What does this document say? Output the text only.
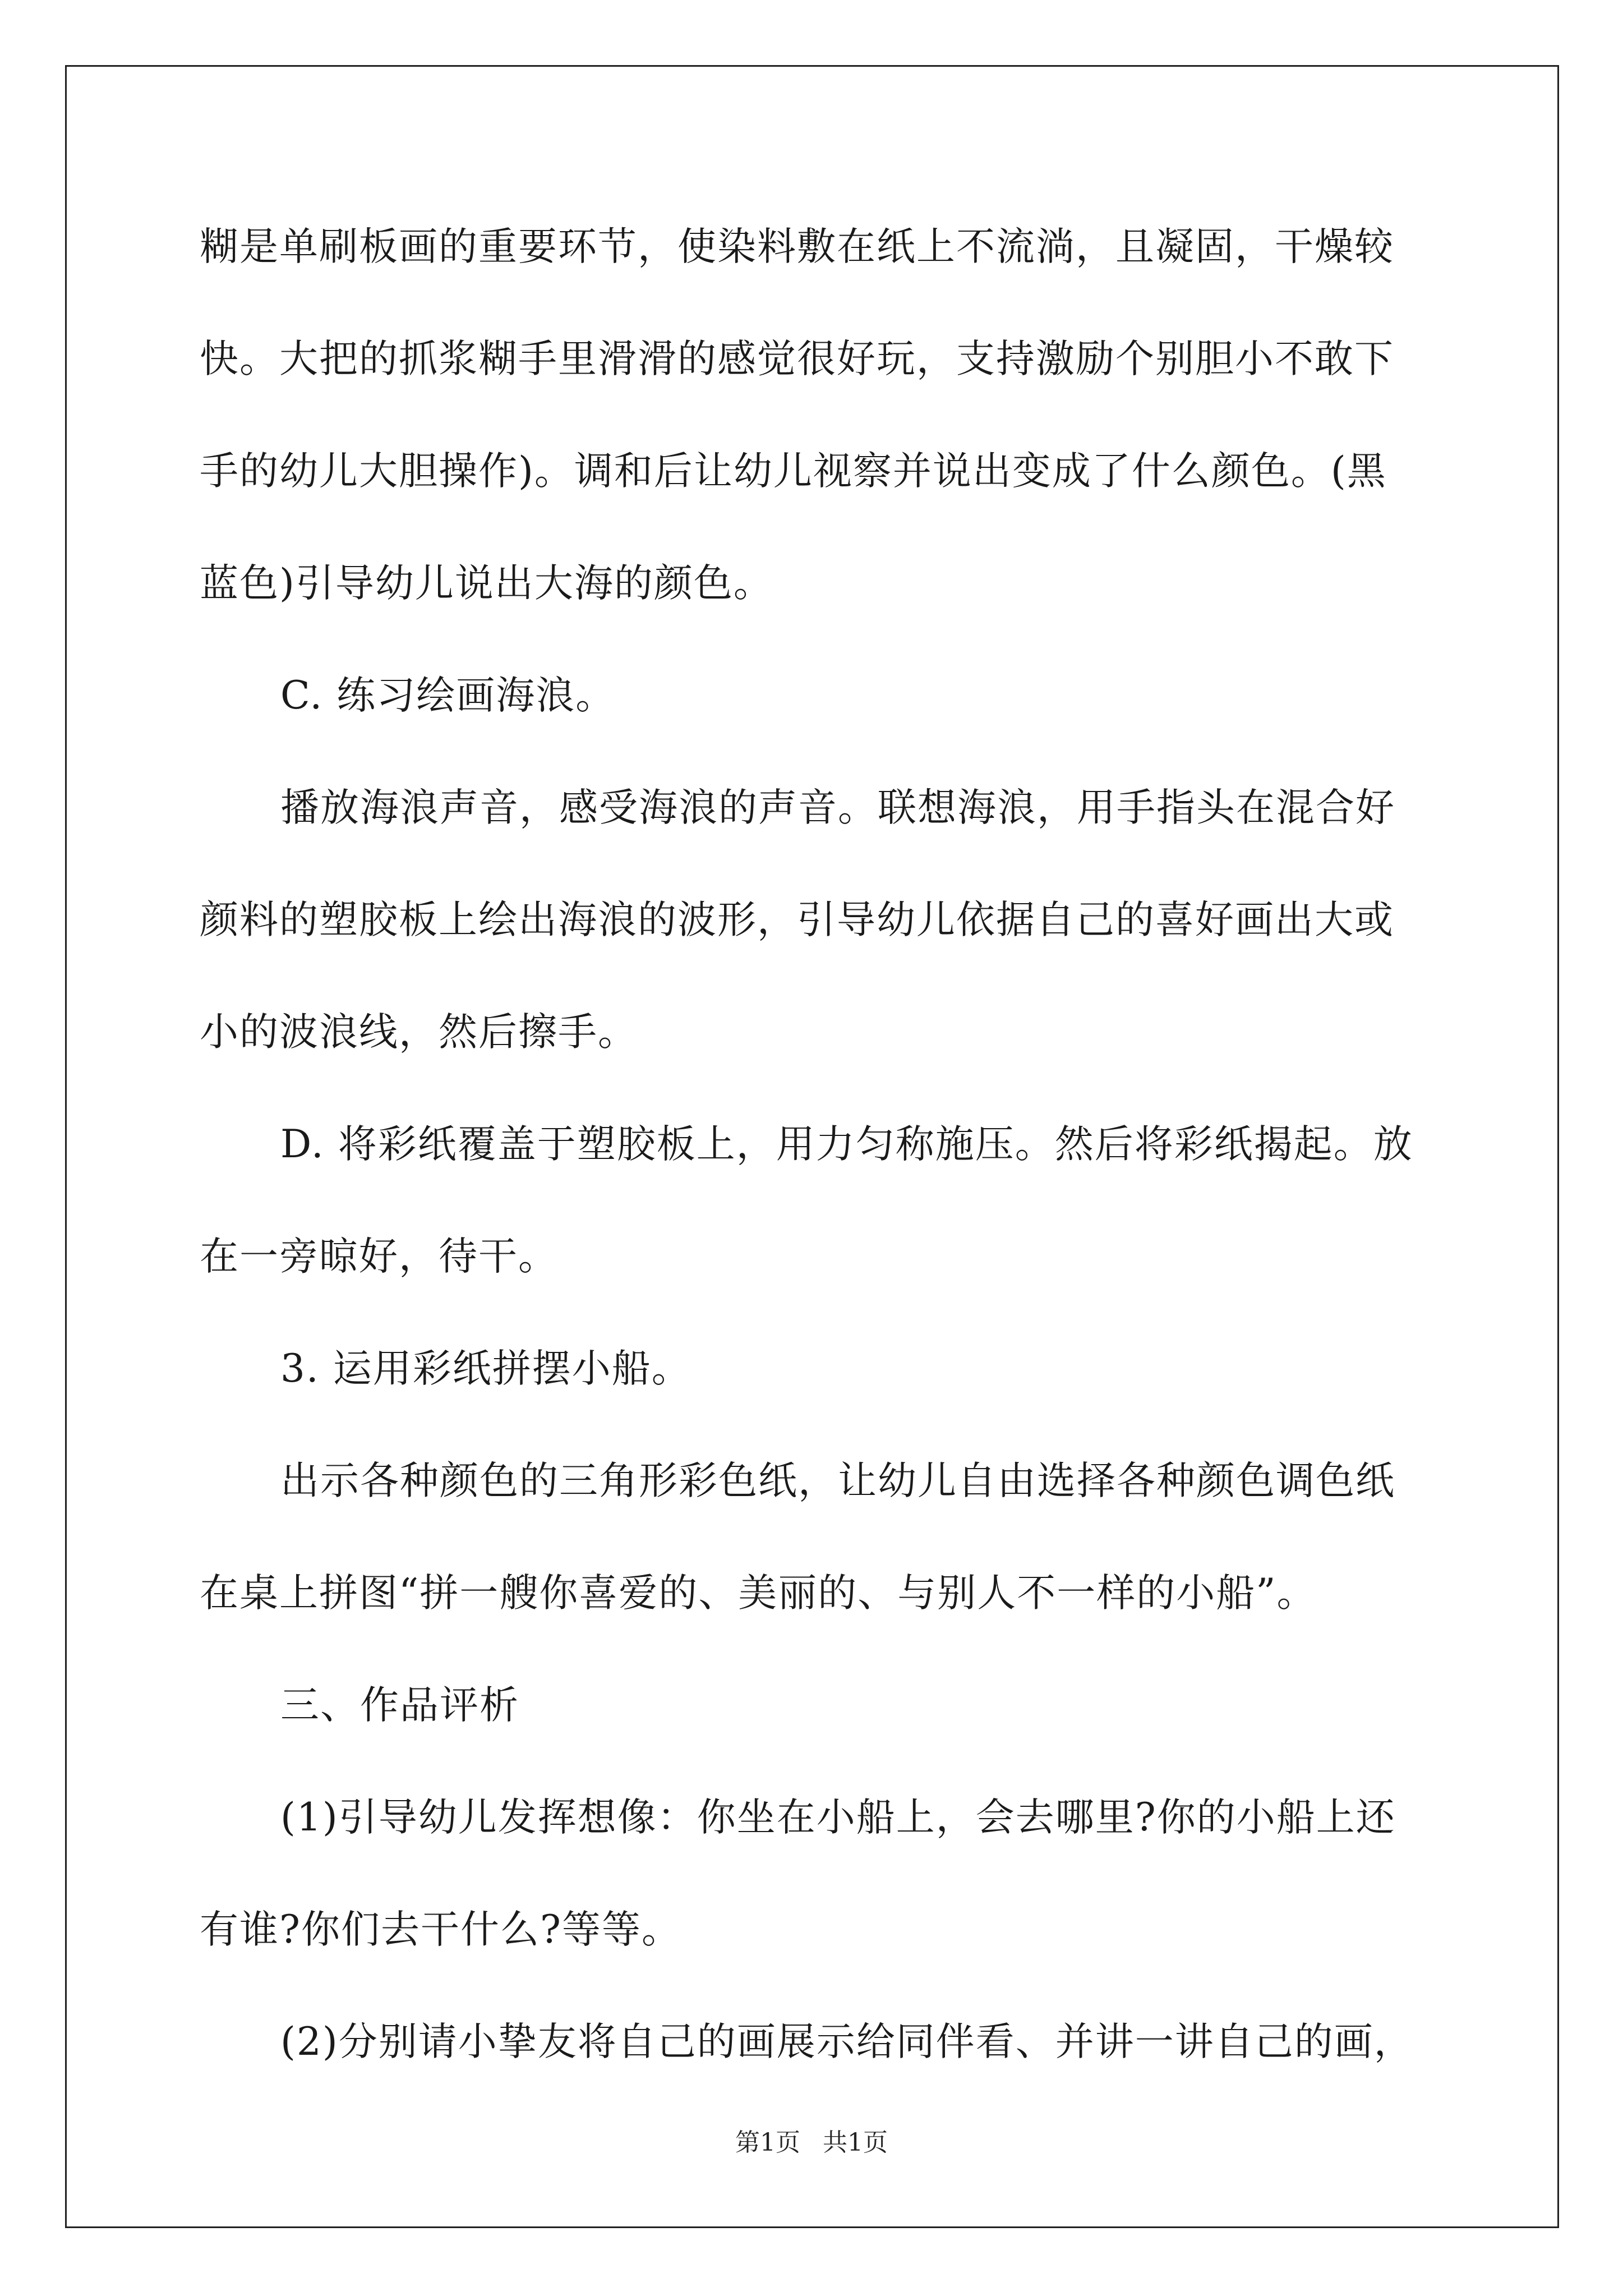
糊是单刷板画的重要环节，使染料敷在纸上不流淌，且凝固，干燥较
快。大把的抓浆糊手里滑滑的感觉很好玩，支持激励个别胆小不敢下
手的幼儿大胆操作)。调和后让幼儿视察并说出变成了什么颜色。(黑
蓝色)引导幼儿说出大海的颜色。
C. 练习绘画海浪。
播放海浪声音，感受海浪的声音。联想海浪，用手指头在混合好
颜料的塑胶板上绘出海浪的波形，引导幼儿依据自己的喜好画出大或
小的波浪线，然后擦手。
D. 将彩纸覆盖于塑胶板上，用力匀称施压。然后将彩纸揭起。放
在一旁晾好，待干。
3. 运用彩纸拼摆小船。
出示各种颜色的三角形彩色纸，让幼儿自由选择各种颜色调色纸
在桌上拼图“拼一艘你喜爱的、美丽的、与别人不一样的小船”。
三、作品评析
(1)引导幼儿发挥想像：你坐在小船上，会去哪里?你的小船上还
有谁?你们去干什么?等等。
(2)分别请小挚友将自己的画展示给同伴看、并讲一讲自己的画，
第1页 共1页
